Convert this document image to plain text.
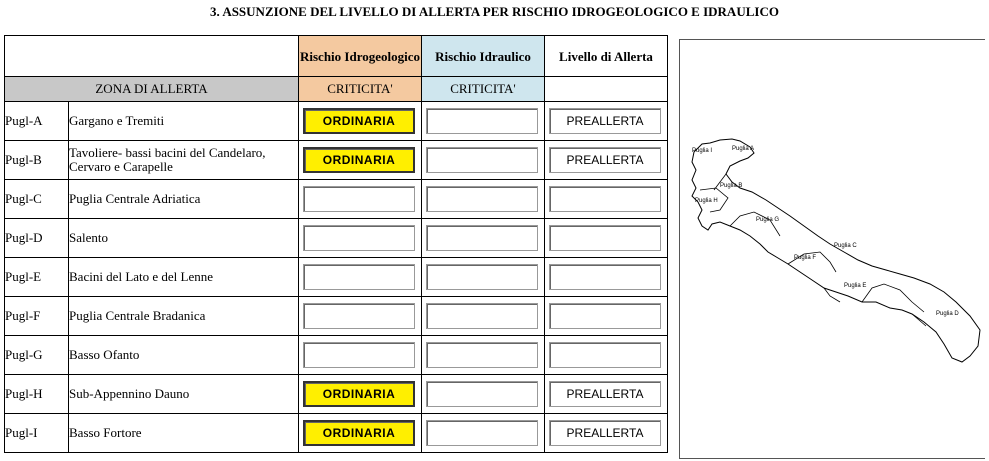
3. ASSUNZIONE DEL LIVELLO DI ALLERTA PER RISCHIO IDROGEOLOGICO E IDRAULICO
		Rischio Idrogeologico	Rischio Idraulico	Livello di Allerta
ZONA DI ALLERTA		CRITICITA'	CRITICITA'	
Pugl-A	Gargano e Tremiti	ORDINARIA		PREALLERTA

Pugl-B	Tavoliere- bassi bacini del Candelaro, Cervaro e Carapelle	ORDINARIA		PREALLERTA

Pugl-C	Puglia Centrale Adriatica	

Pugl-D	Salento	

Pugl-E	Bacini del Lato e del Lenne	

Pugl-F	Puglia Centrale Bradanica	

Pugl-G	Basso Ofanto	

Pugl-H	Sub-Appennino Dauno	ORDINARIA		PREALLERTA

Pugl-I	Basso Fortore	ORDINARIA		PREALLERTA
Puglia I	Puglia A
Puglia B
Puglia H
Puglia G
Puglia C
Puglia F
Puglia E
Puglia D
